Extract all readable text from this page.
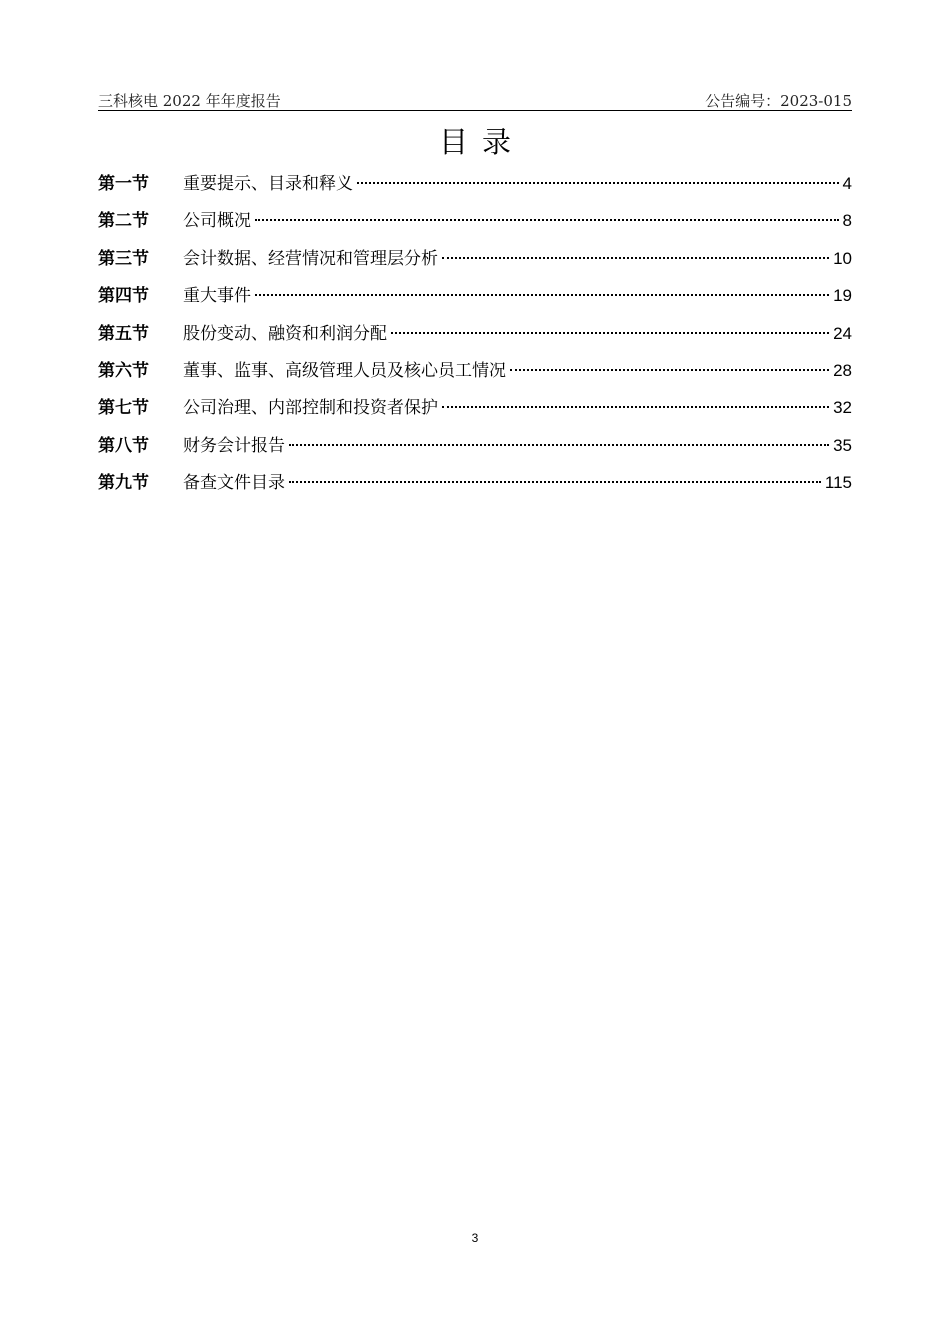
三科核电 2022 年年度报告	公告编号：2023-015
目录
第一节	重要提示、目录和释义	4
第二节	公司概况	8
第三节	会计数据、经营情况和管理层分析	10
第四节	重大事件	19
第五节	股份变动、融资和利润分配	24
第六节	董事、监事、高级管理人员及核心员工情况	28
第七节	公司治理、内部控制和投资者保护	32
第八节	财务会计报告	35
第九节	备查文件目录	115
3
